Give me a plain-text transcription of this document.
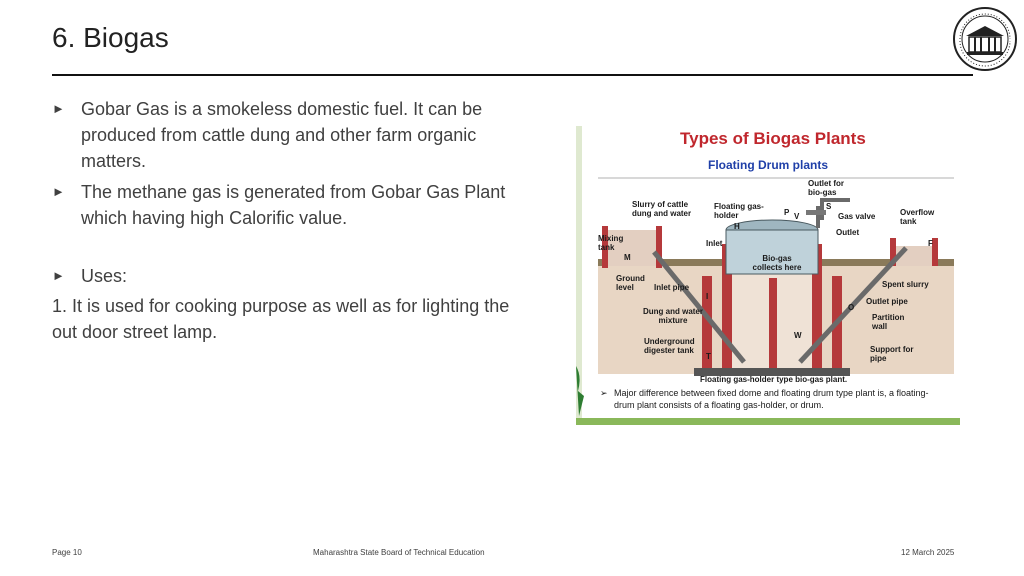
6. Biogas

► Gobar Gas is a smokeless domestic fuel. It can be produced from cattle dung and other farm organic matters.

► The methane gas is generated from Gobar Gas Plant which having high Calorific value.

► Uses:

1. It is used for cooking purpose as well as for lighting the out door street lamp.

Types of Biogas Plants
Floating Drum plants
Slurry of cattle dung and water
Floating gas-holder
H
P V
S
Outlet for bio-gas
Gas valve	Overflow tank
Mixing tank	Inlet
Outlet
M
F
Bio-gas collects here
Ground level	Inlet pipe
I
Spent slurry
Outlet pipe
O
Dung and water mixture	Partition wall
Underground digester tank	Support for pipe
W
T
Floating gas-holder type bio-gas plant.
➢ Major difference between fixed dome and floating drum type plant is, a floating-drum plant consists of a floating gas-holder, or drum.
Page 10	Maharashtra State Board of Technical Education	12 March 2025
